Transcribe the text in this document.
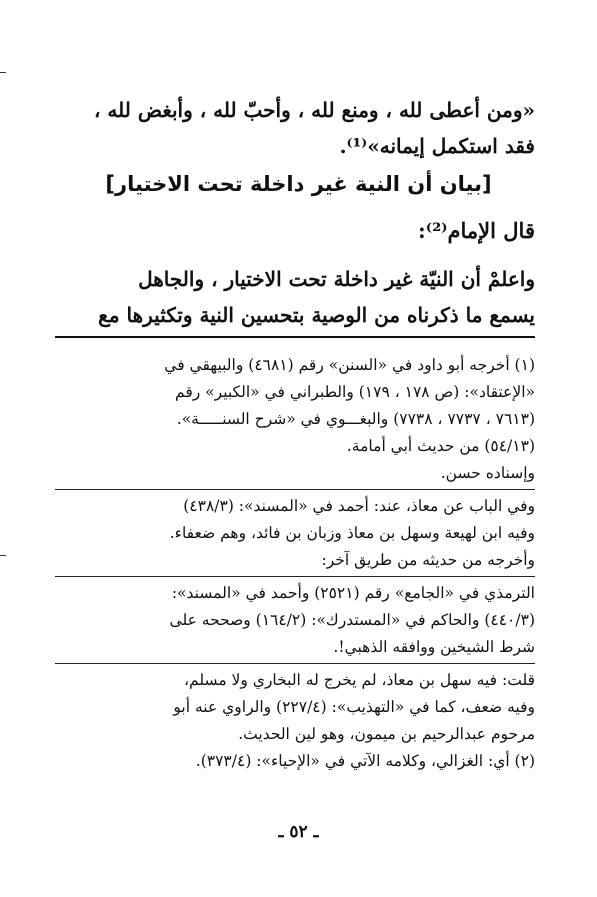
«ومن أعطى لله ، ومنع لله ، وأحبّ لله ، وأبغض لله ،
فقد استكمل إيمانه»⁽¹⁾.
[بيان أن النية غير داخلة تحت الاختيار]
قال الإمام⁽²⁾:
واعلمْ أن النيّة غير داخلة تحت الاختيار ، والجاهل
يسمع ما ذكرناه من الوصية بتحسين النية وتكثيرها مع
(١) أخرجه أبو داود في «السنن» رقم (٤٦٨١) والبيهقي في
«الإعتقاد»: (ص ١٧٨ ، ١٧٩) والطبراني في «الكبير» رقم
(٧٦١٣ ، ٧٧٣٧ ، ٧٧٣٨) والبغـــوي في «شرح السنـــــة».
(٥٤/١٣) من حديث أبي أمامة.
وإسناده حسن.
وفي الباب عن معاذ، عند: أحمد في «المسند»: (٤٣٨/٣)
وفيه ابن لهيعة وسهل بن معاذ وزبان بن فائد، وهم ضعفاء.
وأخرجه من حديثه من طريق آخر:
الترمذي في «الجامع» رقم (٢٥٢١) وأحمد في «المسند»:
(٤٤٠/٣) والحاكم في «المستدرك»: (١٦٤/٢) وصححه على
شرط الشيخين ووافقه الذهبي!.
قلت: فيه سهل بن معاذ، لم يخرج له البخاري ولا مسلم،
وفيه ضعف، كما في «التهذيب»: (٢٢٧/٤) والراوي عنه أبو
مرحوم عبدالرحيم بن ميمون، وهو لين الحديث.
(٢) أي: الغزالي، وكلامه الآتي في «الإحياء»: (٣٧٣/٤).
ـ ٥٢ ـ
